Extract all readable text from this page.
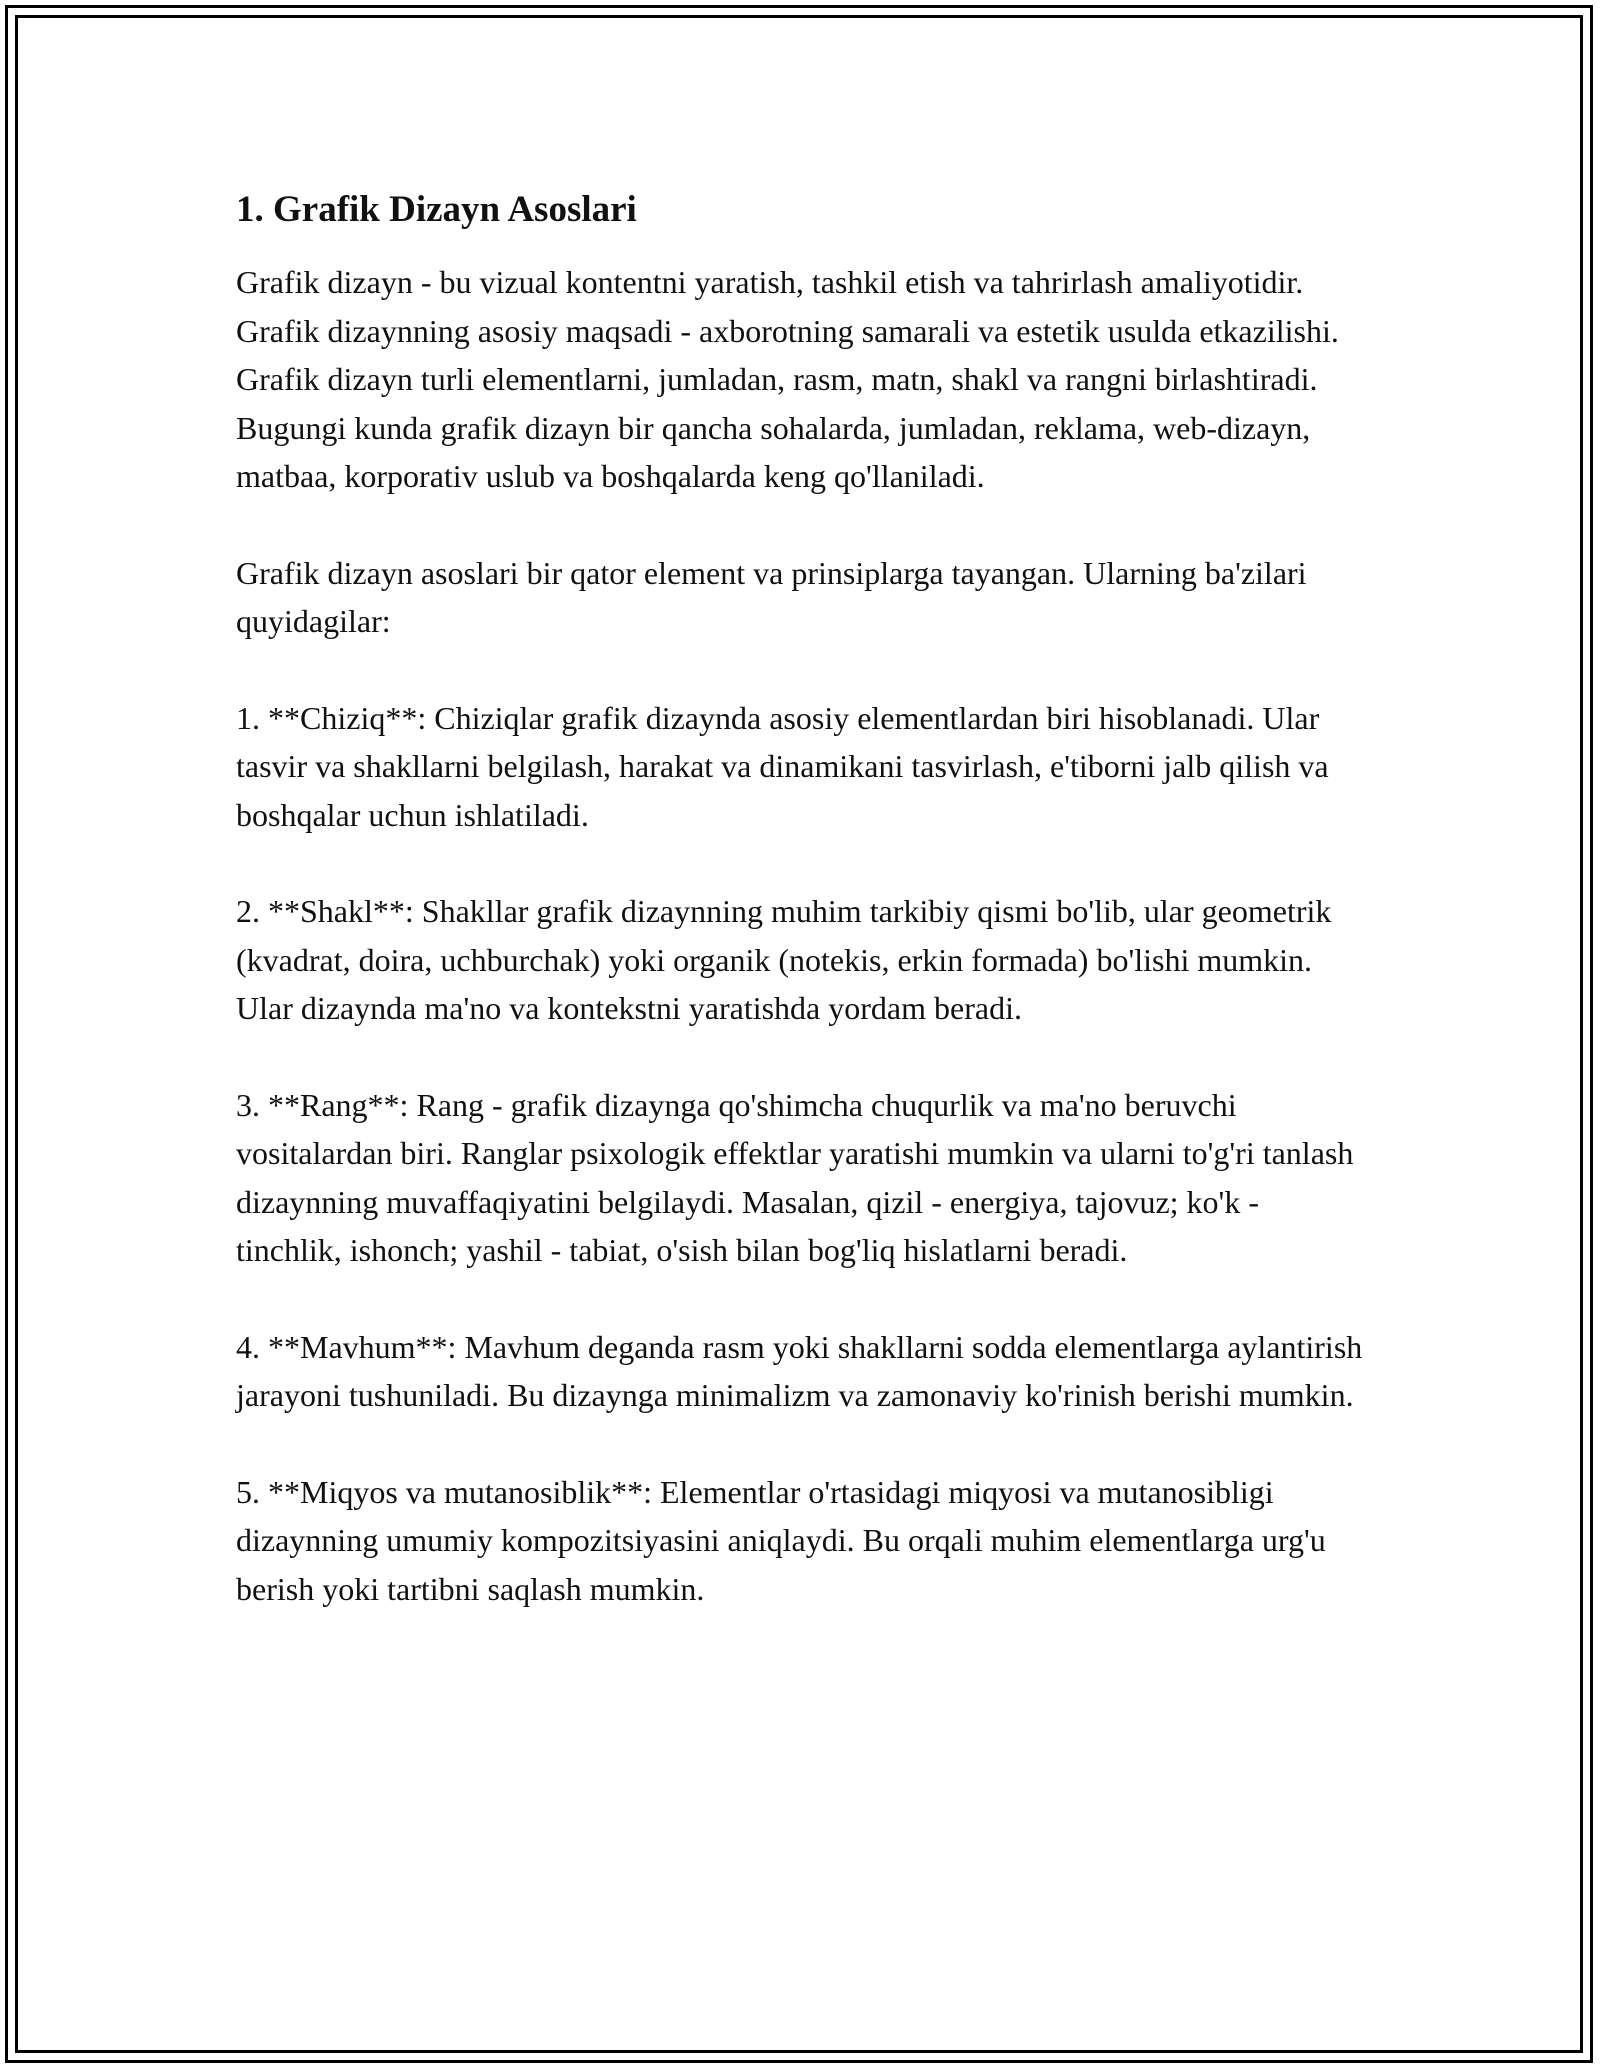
1. Grafik Dizayn Asoslari

Grafik dizayn - bu vizual kontentni yaratish, tashkil etish va tahrirlash amaliyotidir. Grafik dizaynning asosiy maqsadi - axborotning samarali va estetik usulda etkazilishi. Grafik dizayn turli elementlarni, jumladan, rasm, matn, shakl va rangni birlashtiradi. Bugungi kunda grafik dizayn bir qancha sohalarda, jumladan, reklama, web-dizayn, matbaa, korporativ uslub va boshqalarda keng qo'llaniladi.

Grafik dizayn asoslari bir qator element va prinsiplarga tayangan. Ularning ba'zilari quyidagilar:

1. **Chiziq**: Chiziqlar grafik dizaynda asosiy elementlardan biri hisoblanadi. Ular tasvir va shakllarni belgilash, harakat va dinamikani tasvirlash, e'tiborni jalb qilish va boshqalar uchun ishlatiladi.

2. **Shakl**: Shakllar grafik dizaynning muhim tarkibiy qismi bo'lib, ular geometrik (kvadrat, doira, uchburchak) yoki organik (notekis, erkin formada) bo'lishi mumkin. Ular dizaynda ma'no va kontekstni yaratishda yordam beradi.

3. **Rang**: Rang - grafik dizaynga qo'shimcha chuqurlik va ma'no beruvchi vositalardan biri. Ranglar psixologik effektlar yaratishi mumkin va ularni to'g'ri tanlash dizaynning muvaffaqiyatini belgilaydi. Masalan, qizil - energiya, tajovuz; ko'k - tinchlik, ishonch; yashil - tabiat, o'sish bilan bog'liq hislatlarni beradi.

4. **Mavhum**: Mavhum deganda rasm yoki shakllarni sodda elementlarga aylantirish jarayoni tushuniladi. Bu dizaynga minimalizm va zamonaviy ko'rinish berishi mumkin.

5. **Miqyos va mutanosiblik**: Elementlar o'rtasidagi miqyosi va mutanosibligi dizaynning umumiy kompozitsiyasini aniqlaydi. Bu orqali muhim elementlarga urg'u berish yoki tartibni saqlash mumkin.
